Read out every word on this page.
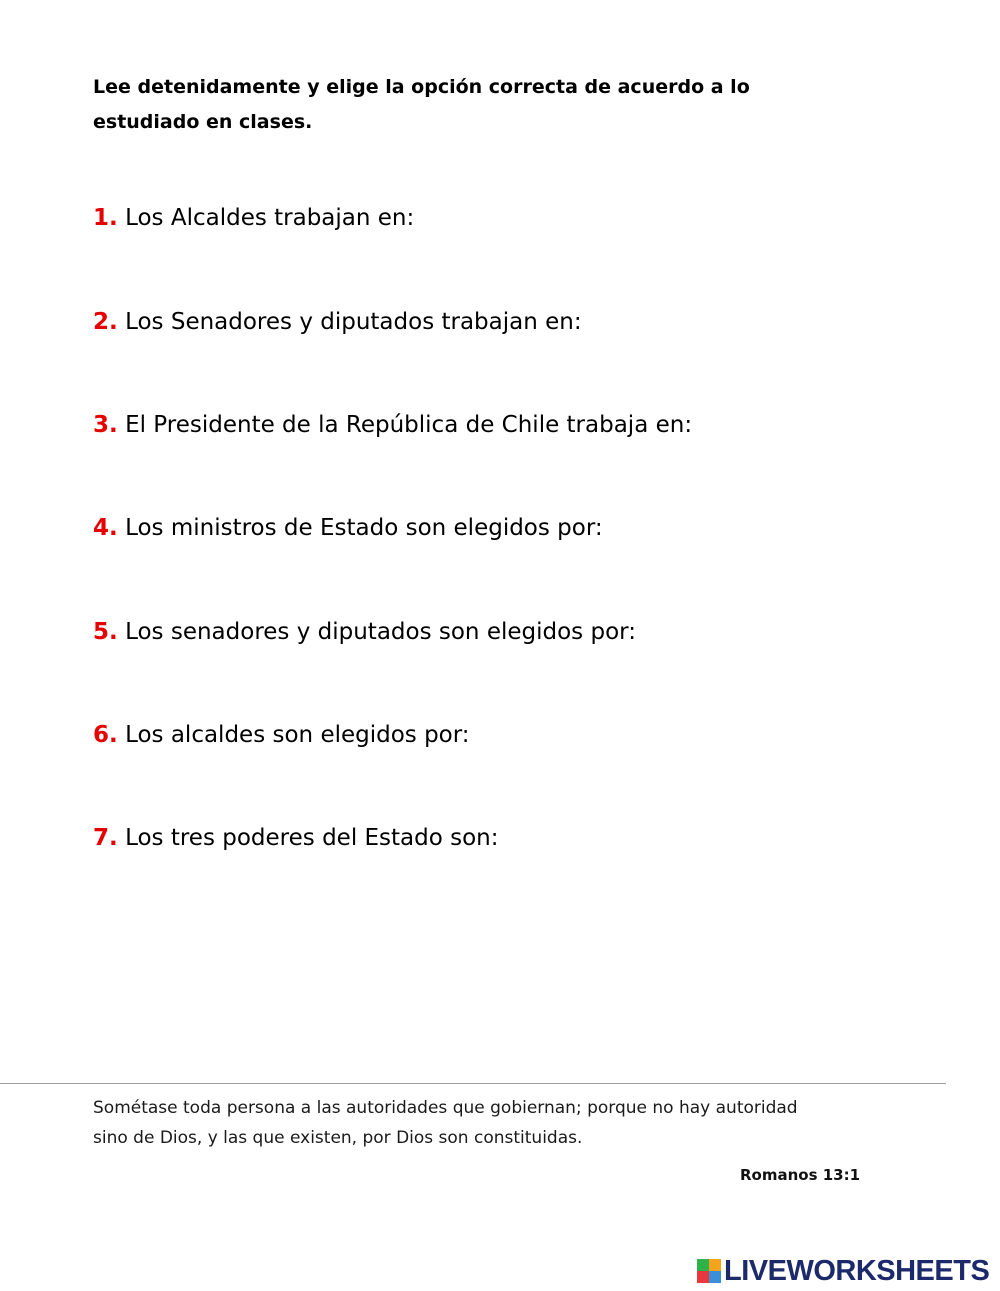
Lee detenidamente y elige la opción correcta de acuerdo a lo estudiado en clases.
1. Los Alcaldes trabajan en:
2. Los Senadores y diputados trabajan en:
3. El Presidente de la República de Chile trabaja en:
4. Los ministros de Estado son elegidos por:
5. Los senadores y diputados son elegidos por:
6. Los alcaldes son elegidos por:
7. Los tres poderes del Estado son:
Sométase toda persona a las autoridades que gobiernan; porque no hay autoridad sino de Dios, y las que existen, por Dios son constituidas.
Romanos 13:1
LIVEWORKSHEETS
